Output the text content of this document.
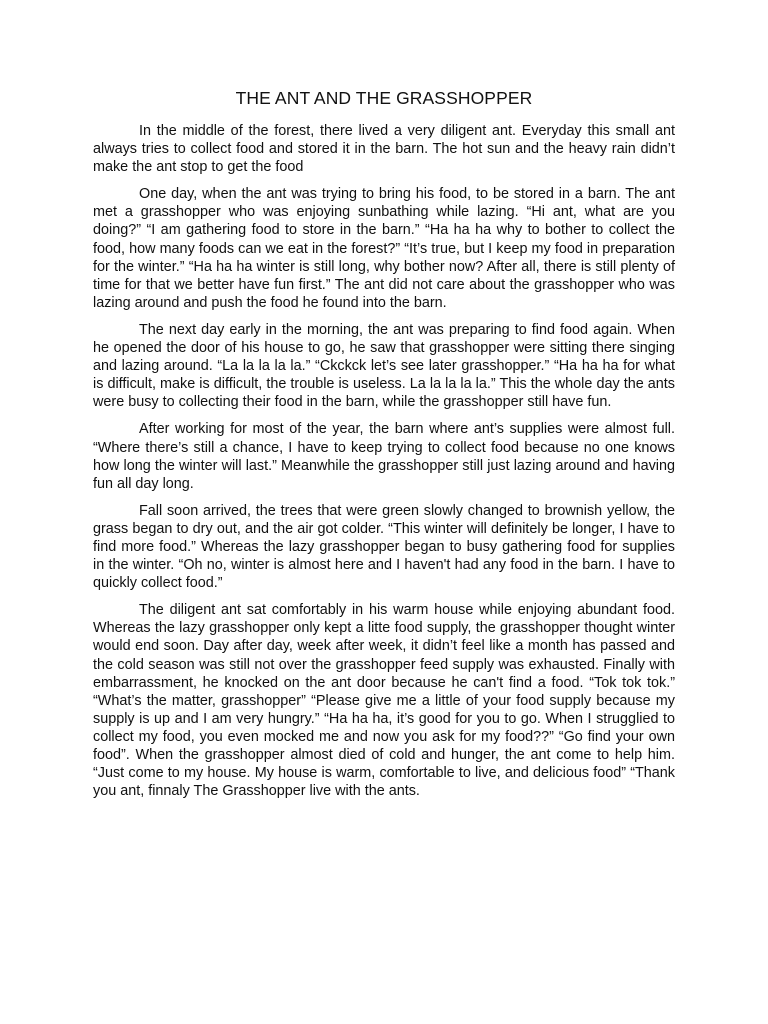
THE ANT AND THE GRASSHOPPER

In the middle of the forest, there lived a very diligent ant. Everyday this small ant always tries to collect food and stored it in the barn. The hot sun and the heavy rain didn’t make the ant stop to get the food

One day, when the ant was trying to bring his food, to be stored in a barn. The ant met a grasshopper who was enjoying sunbathing while lazing. “Hi ant, what are you doing?” “I am gathering food to store in the barn.” “Ha ha ha why to bother to collect the food, how many foods can we eat in the forest?” “It’s true, but I keep my food in preparation for the winter.” “Ha ha ha winter is still long, why bother now? After all, there is still plenty of time for that we better have fun first.” The ant did not care about the grasshopper who was lazing around and push the food he found into the barn.

The next day early in the morning, the ant was preparing to find food again. When he opened the door of his house to go, he saw that grasshopper were sitting there singing and lazing around. “La la la la la.” “Ckckck let’s see later grasshopper.” “Ha ha ha for what is difficult, make is difficult, the trouble is useless. La la la la la.” This the whole day the ants were busy to collecting their food in the barn, while the grasshopper still have fun.

After working for most of the year, the barn where ant’s supplies were almost full. “Where there’s still a chance, I have to keep trying to collect food because no one knows how long the winter will last.” Meanwhile the grasshopper still just lazing around and having fun all day long.

Fall soon arrived, the trees that were green slowly changed to brownish yellow, the grass began to dry out, and the air got colder. “This winter will definitely be longer, I have to find more food.” Whereas the lazy grasshopper began to busy gathering food for supplies in the winter. “Oh no, winter is almost here and I haven't had any food in the barn. I have to quickly collect food.”

The diligent ant sat comfortably in his warm house while enjoying abundant food. Whereas the lazy grasshopper only kept a litte food supply, the grasshopper thought winter would end soon. Day after day, week after week, it didn’t feel like a month has passed and the cold season was still not over the grasshopper feed supply was exhausted. Finally with embarrassment, he knocked on the ant door because he can't find a food. “Tok tok tok.” “What’s the matter, grasshopper” “Please give me a little of your food supply because my supply is up and I am very hungry.” “Ha ha ha, it’s good for you to go. When I strugglied to collect my food, you even mocked me and now you ask for my food??” “Go find your own food”. When the grasshopper almost died of cold and hunger, the ant come to help him. “Just come to my house. My house is warm, comfortable to live, and delicious food” “Thank you ant, finnaly The Grasshopper live with the ants.
